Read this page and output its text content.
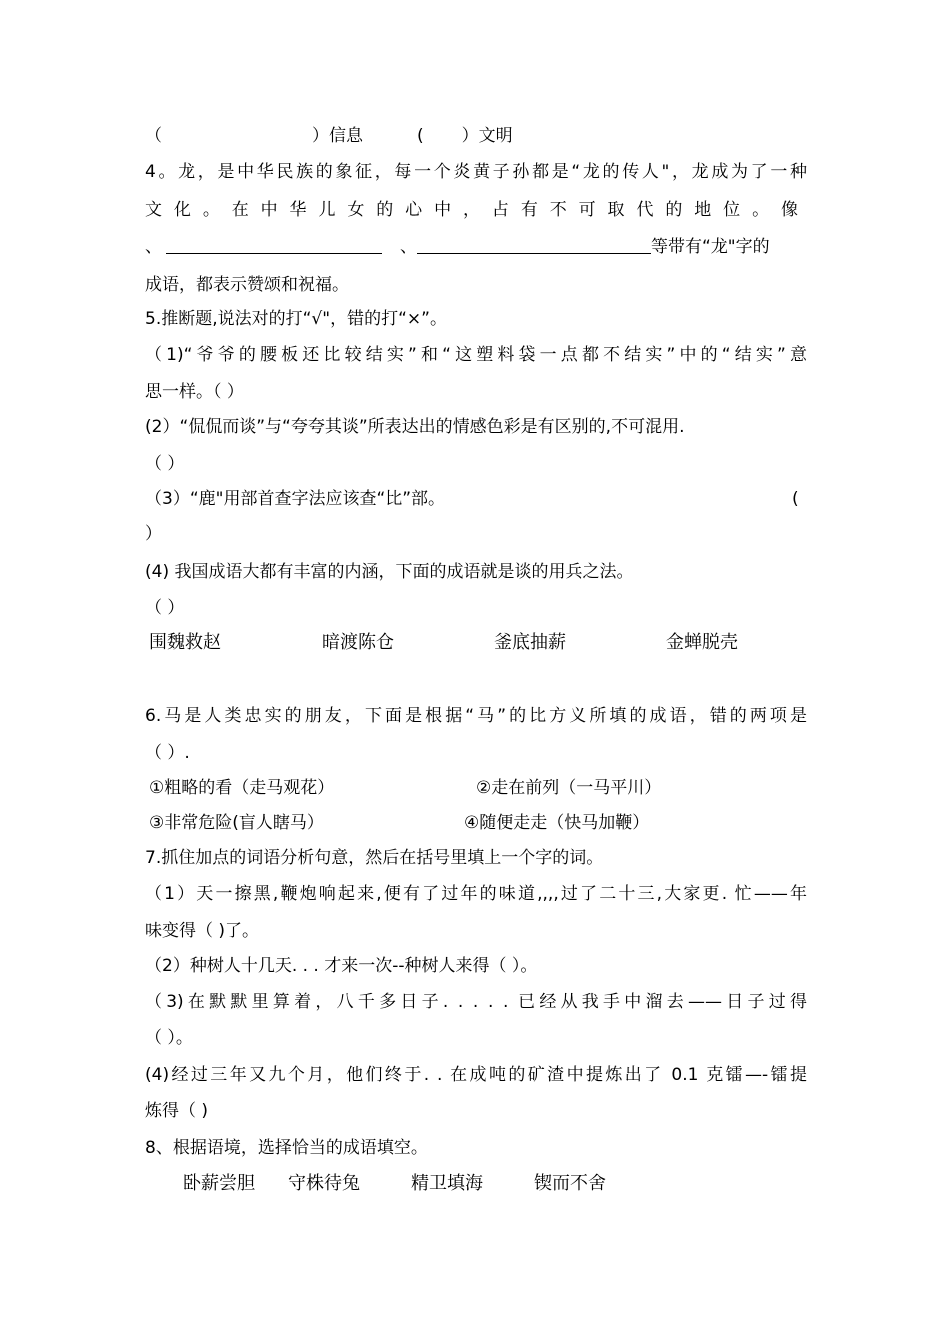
（	）信息	( ）文明
4。龙，是中华民族的象征，每一个炎黄子孙都是“龙的传人"，龙成为了一种
文化。在中华儿女的心中，占有不可取代的地位。像
、	、	等带有“龙"字的
成语，都表示赞颂和祝福。
5.推断题,说法对的打“√"，错的打“×”。
（1)“爷爷的腰板还比较结实”和“这塑料袋一点都不结实”中的“结实”意
思一样。（ ）
(2）“侃侃而谈”与“夸夸其谈”所表达出的情感色彩是有区别的,不可混用.
（ ）
（3）“鹿"用部首查字法应该查“比”部。	(
）
(4) 我国成语大都有丰富的内涵，下面的成语就是谈的用兵之法。
（ ）
围魏救赵	暗渡陈仓	釜底抽薪	金蝉脱壳
6.马是人类忠实的朋友，下面是根据“马”的比方义所填的成语，错的两项是
（ ）.
①粗略的看（走马观花）	②走在前列（一马平川）
③非常危险(盲人瞎马）	④随便走走（快马加鞭）
7.抓住加点的词语分析句意，然后在括号里填上一个字的词。
（1）天一擦黑,鞭炮响起来,便有了过年的味道,,,,过了二十三,大家更. 忙——年
味变得（ )了。
（2）种树人十几天. . . 才来一次--种树人来得（ ）。
（3)在默默里算着，八千多日子. . . . . 已经从我手中溜去——日子过得
（ ）。
(4)经过三年又九个月，他们终于. . 在成吨的矿渣中提炼出了 0.1 克镭—-镭提
炼得（ )
8、根据语境，选择恰当的成语填空。
卧薪尝胆 守株待兔	精卫填海	锲而不舍
